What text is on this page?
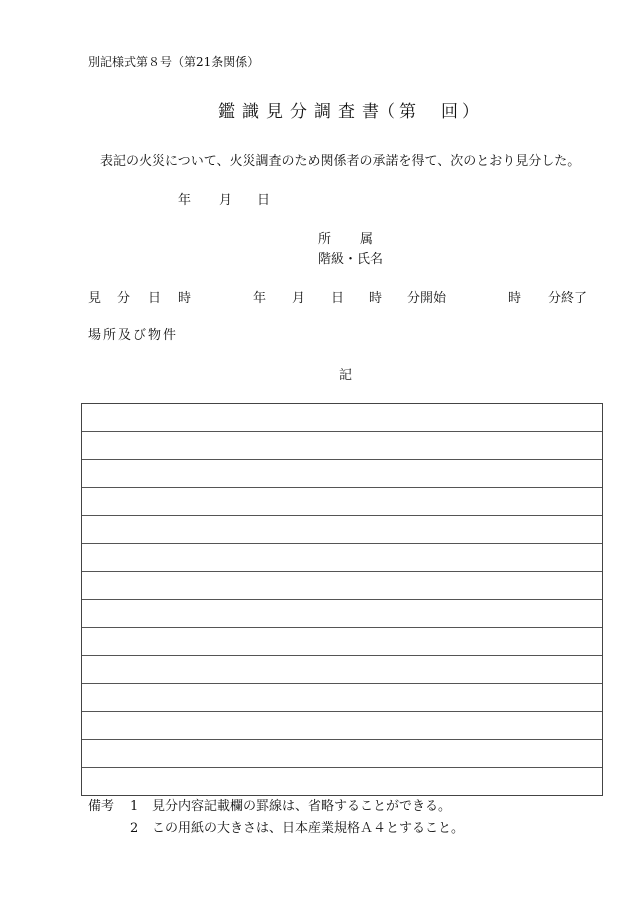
別記様式第８号（第21条関係）
鑑識見分調査書
（第　回）
表記の火災について、火災調査のため関係者の承諾を得て、次のとおり見分した。
年 月 日
所　　属
階級・氏名
見 分 日 時	年 月 日 時 分開始	時 分終了
場所及び物件
記
備考 1 見分内容記載欄の罫線は、省略することができる。
2 この用紙の大きさは、日本産業規格Ａ４とすること。
